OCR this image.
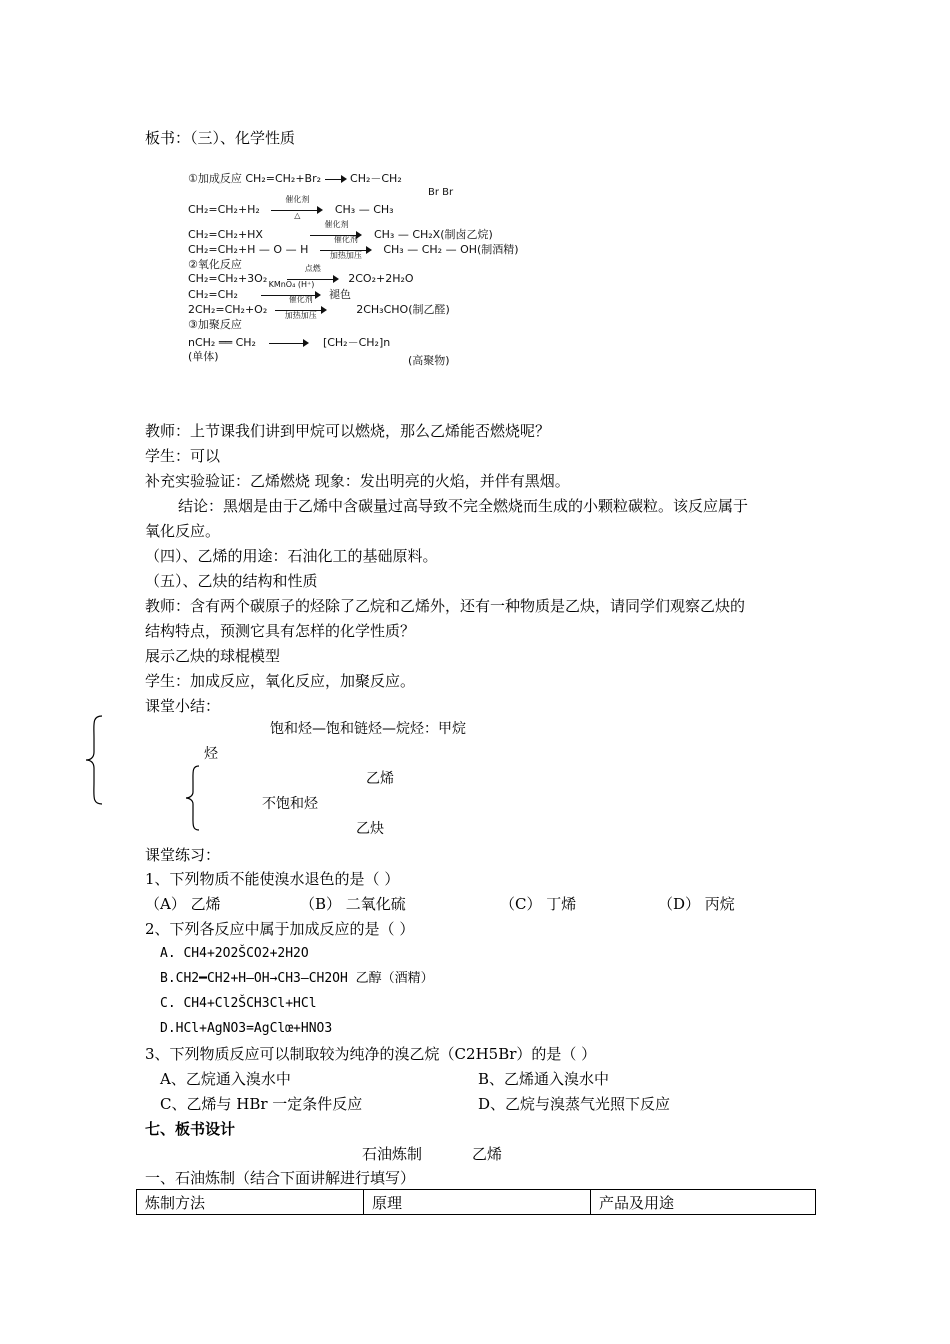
板书：（三）、化学性质
①加成反应 CH₂=CH₂+Br₂	CH₂－CH₂
Br Br
CH₂=CH₂+H₂
催化剂
△	CH₃ — CH₃
CH₂=CH₂+HX
催化剂
CH₃ — CH₂X(制卤乙烷)
CH₂=CH₂+H — O — H
催化剂
加热加压	CH₃ — CH₂ — OH(制酒精)
②氧化反应
CH₂=CH₂+3O₂
点燃
2CO₂+2H₂O
CH₂=CH₂
KMnO₄ (H⁺)
褪色
2CH₂=CH₂+O₂
催化剂
加热加压	2CH₃CHO(制乙醛)
③加聚反应
nCH₂ ══ CH₂	[CH₂－CH₂]n
(单体)	(高聚物)
教师：上节课我们讲到甲烷可以燃烧，那么乙烯能否燃烧呢？
学生：可以
补充实验验证：乙烯燃烧 现象：发出明亮的火焰，并伴有黑烟。
结论：黑烟是由于乙烯中含碳量过高导致不完全燃烧而生成的小颗粒碳粒。该反应属于
氧化反应。
（四）、乙烯的用途：石油化工的基础原料。
（五）、乙炔的结构和性质
教师：含有两个碳原子的烃除了乙烷和乙烯外，还有一种物质是乙炔，请同学们观察乙炔的
结构特点，预测它具有怎样的化学性质？
展示乙炔的球棍模型
学生：加成反应，氧化反应，加聚反应。
课堂小结：
饱和烃—饱和链烃—烷烃：甲烷
烃
乙烯
不饱和烃
乙炔
课堂练习：
1、下列物质不能使溴水退色的是（ ）
（A） 乙烯	（B） 二氧化硫	（C） 丁烯	（D） 丙烷
2、下列各反应中属于加成反应的是（ ）
A. CH4+2O2ŠCO2+2H2O
B.CH2━CH2+H—OH→CH3—CH2OH 乙醇（酒精）
C. CH4+Cl2ŠCH3Cl+HCl
D.HCl+AgNO3=AgClœ+HNO3
3、下列物质反应可以制取较为纯净的溴乙烷（C2H5Br）的是（ ）
A、乙烷通入溴水中	B、乙烯通入溴水中
C、乙烯与 HBr 一定条件反应	D、乙烷与溴蒸气光照下反应
七、板书设计
石油炼制	乙烯
一、石油炼制（结合下面讲解进行填写）
炼制方法	原理	产品及用途
